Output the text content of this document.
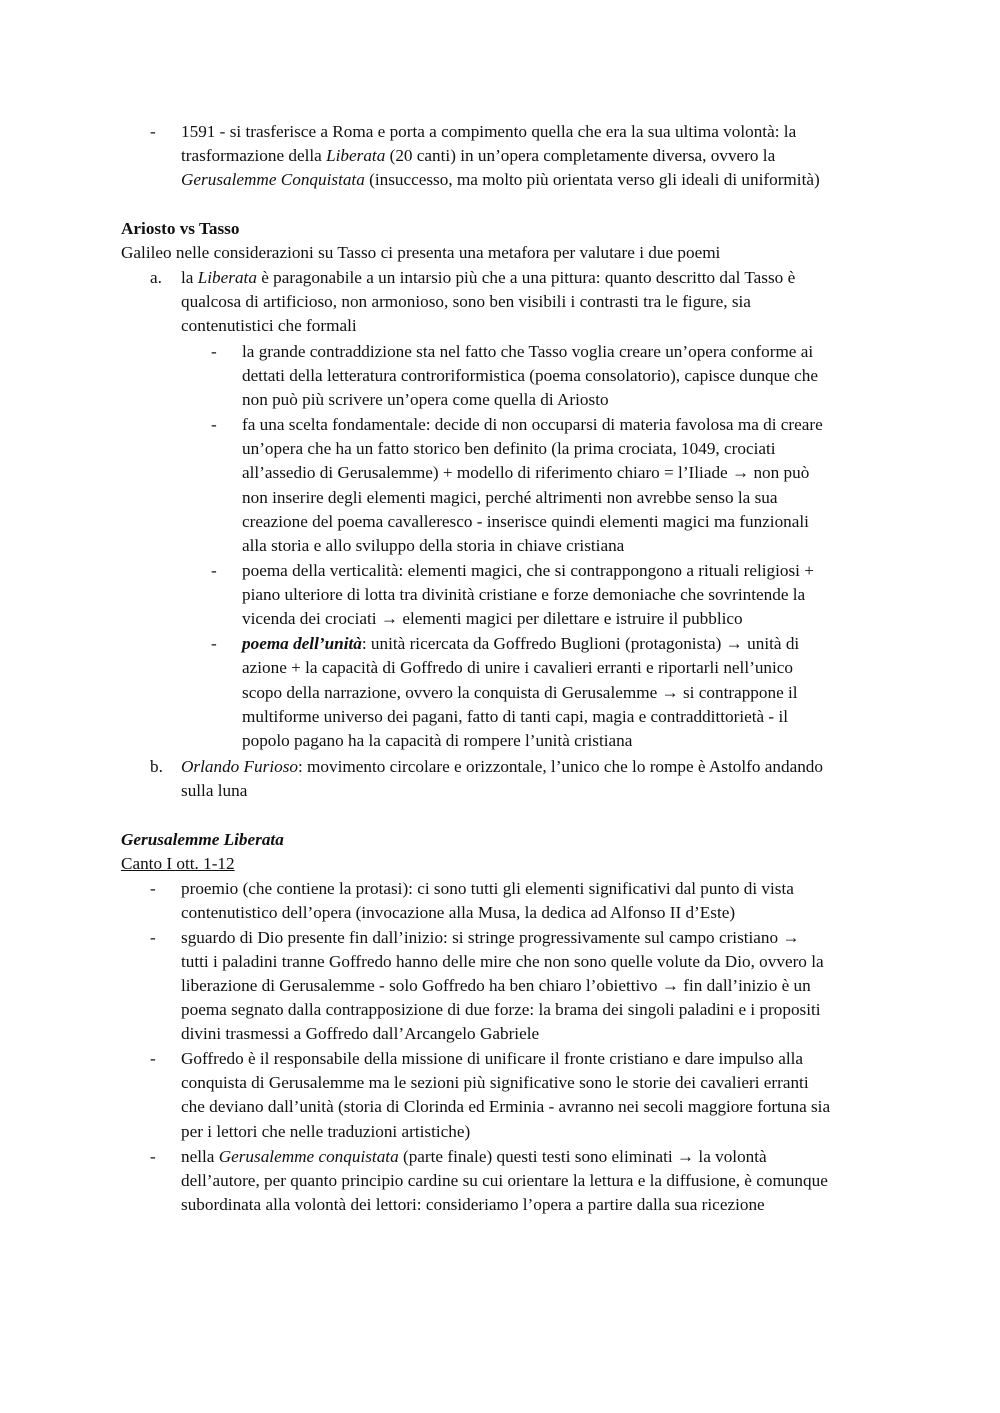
- 1591 - si trasferisce a Roma e porta a compimento quella che era la sua ultima volontà: la
trasformazione della Liberata (20 canti) in un’opera completamente diversa, ovvero la
Gerusalemme Conquistata (insuccesso, ma molto più orientata verso gli ideali di uniformità)
Ariosto vs Tasso
Galileo nelle considerazioni su Tasso ci presenta una metafora per valutare i due poemi
a. la Liberata è paragonabile a un intarsio più che a una pittura: quanto descritto dal Tasso è
qualcosa di artificioso, non armonioso, sono ben visibili i contrasti tra le figure, sia
contenutistici che formali
- la grande contraddizione sta nel fatto che Tasso voglia creare un’opera conforme ai
dettati della letteratura controriformistica (poema consolatorio), capisce dunque che
non può più scrivere un’opera come quella di Ariosto
- fa una scelta fondamentale: decide di non occuparsi di materia favolosa ma di creare
un’opera che ha un fatto storico ben definito (la prima crociata, 1049, crociati
all’assedio di Gerusalemme) + modello di riferimento chiaro = l’Iliade → non può
non inserire degli elementi magici, perché altrimenti non avrebbe senso la sua
creazione del poema cavalleresco - inserisce quindi elementi magici ma funzionali
alla storia e allo sviluppo della storia in chiave cristiana
- poema della verticalità: elementi magici, che si contrappongono a rituali religiosi +
piano ulteriore di lotta tra divinità cristiane e forze demoniache che sovrintende la
vicenda dei crociati → elementi magici per dilettare e istruire il pubblico
- poema dell’unità: unità ricercata da Goffredo Buglioni (protagonista) → unità di
azione + la capacità di Goffredo di unire i cavalieri erranti e riportarli nell’unico
scopo della narrazione, ovvero la conquista di Gerusalemme → si contrappone il
multiforme universo dei pagani, fatto di tanti capi, magia e contraddittorietà - il
popolo pagano ha la capacità di rompere l’unità cristiana
b. Orlando Furioso: movimento circolare e orizzontale, l’unico che lo rompe è Astolfo andando
sulla luna
Gerusalemme Liberata
Canto I ott. 1-12
- proemio (che contiene la protasi): ci sono tutti gli elementi significativi dal punto di vista
contenutistico dell’opera (invocazione alla Musa, la dedica ad Alfonso II d’Este)
- sguardo di Dio presente fin dall’inizio: si stringe progressivamente sul campo cristiano →
tutti i paladini tranne Goffredo hanno delle mire che non sono quelle volute da Dio, ovvero la
liberazione di Gerusalemme - solo Goffredo ha ben chiaro l’obiettivo → fin dall’inizio è un
poema segnato dalla contrapposizione di due forze: la brama dei singoli paladini e i propositi
divini trasmessi a Goffredo dall’Arcangelo Gabriele
- Goffredo è il responsabile della missione di unificare il fronte cristiano e dare impulso alla
conquista di Gerusalemme ma le sezioni più significative sono le storie dei cavalieri erranti
che deviano dall’unità (storia di Clorinda ed Erminia - avranno nei secoli maggiore fortuna sia
per i lettori che nelle traduzioni artistiche)
- nella Gerusalemme conquistata (parte finale) questi testi sono eliminati → la volontà
dell’autore, per quanto principio cardine su cui orientare la lettura e la diffusione, è comunque
subordinata alla volontà dei lettori: consideriamo l’opera a partire dalla sua ricezione
